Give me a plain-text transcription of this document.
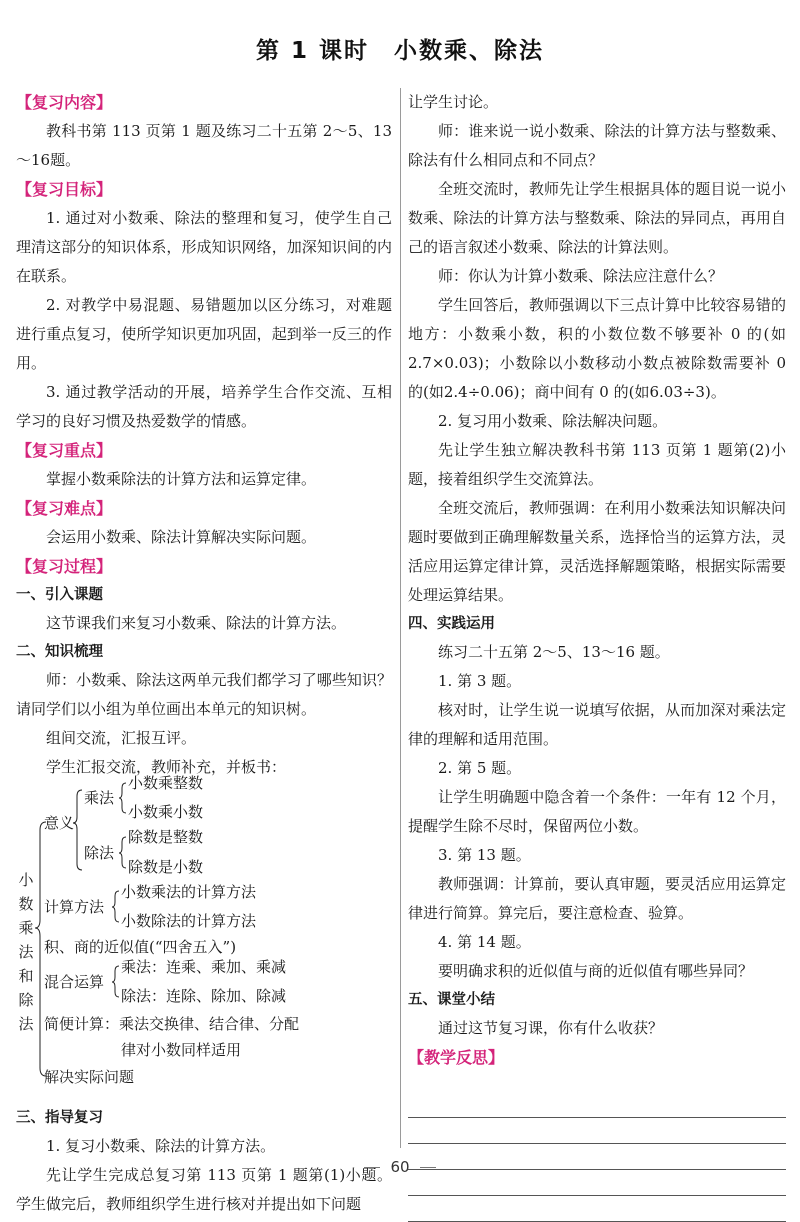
第 1 课时　小数乘、除法
【复习内容】
教科书第 113 页第 1 题及练习二十五第 2～5、13～16题。
【复习目标】
1. 通过对小数乘、除法的整理和复习，使学生自己理清这部分的知识体系，形成知识网络，加深知识间的内在联系。
2. 对教学中易混题、易错题加以区分练习，对难题进行重点复习，使所学知识更加巩固，起到举一反三的作用。
3. 通过教学活动的开展，培养学生合作交流、互相学习的良好习惯及热爱数学的情感。
【复习重点】
掌握小数乘除法的计算方法和运算定律。
【复习难点】
会运用小数乘、除法计算解决实际问题。
【复习过程】
一、引入课题
这节课我们来复习小数乘、除法的计算方法。
二、知识梳理
师：小数乘、除法这两单元我们都学习了哪些知识？请同学们以小组为单位画出本单元的知识树。
组间交流，汇报互评。
学生汇报交流，教师补充，并板书：
小
数
乘
法
和
除
法
意义
乘法
小数乘整数
小数乘小数
除法
除数是整数
除数是小数
计算方法
小数乘法的计算方法
小数除法的计算方法
积、商的近似值(“四舍五入”)
混合运算
乘法：连乘、乘加、乘减
除法：连除、除加、除减
简便计算：乘法交换律、结合律、分配
律对小数同样适用
解决实际问题
三、指导复习
1. 复习小数乘、除法的计算方法。
先让学生完成总复习第 113 页第 1 题第(1)小题。学生做完后，教师组织学生进行核对并提出如下问题
让学生讨论。
师：谁来说一说小数乘、除法的计算方法与整数乘、除法有什么相同点和不同点？
全班交流时，教师先让学生根据具体的题目说一说小数乘、除法的计算方法与整数乘、除法的异同点，再用自己的语言叙述小数乘、除法的计算法则。
师：你认为计算小数乘、除法应注意什么？
学生回答后，教师强调以下三点计算中比较容易错的地方：小数乘小数，积的小数位数不够要补 0 的(如 2.7×0.03)；小数除以小数移动小数点被除数需要补 0 的(如2.4÷0.06)；商中间有 0 的(如6.03÷3)。
2. 复习用小数乘、除法解决问题。
先让学生独立解决教科书第 113 页第 1 题第(2)小题，接着组织学生交流算法。
全班交流后，教师强调：在利用小数乘法知识解决问题时要做到正确理解数量关系，选择恰当的运算方法，灵活应用运算定律计算，灵活选择解题策略，根据实际需要处理运算结果。
四、实践运用
练习二十五第 2～5、13～16 题。
1. 第 3 题。
核对时，让学生说一说填写依据，从而加深对乘法定律的理解和适用范围。
2. 第 5 题。
让学生明确题中隐含着一个条件：一年有 12 个月，提醒学生除不尽时，保留两位小数。
3. 第 13 题。
教师强调：计算前，要认真审题，要灵活应用运算定律进行简算。算完后，要注意检查、验算。
4. 第 14 题。
要明确求积的近似值与商的近似值有哪些异同？
五、课堂小结
通过这节复习课，你有什么收获？
【教学反思】
60
